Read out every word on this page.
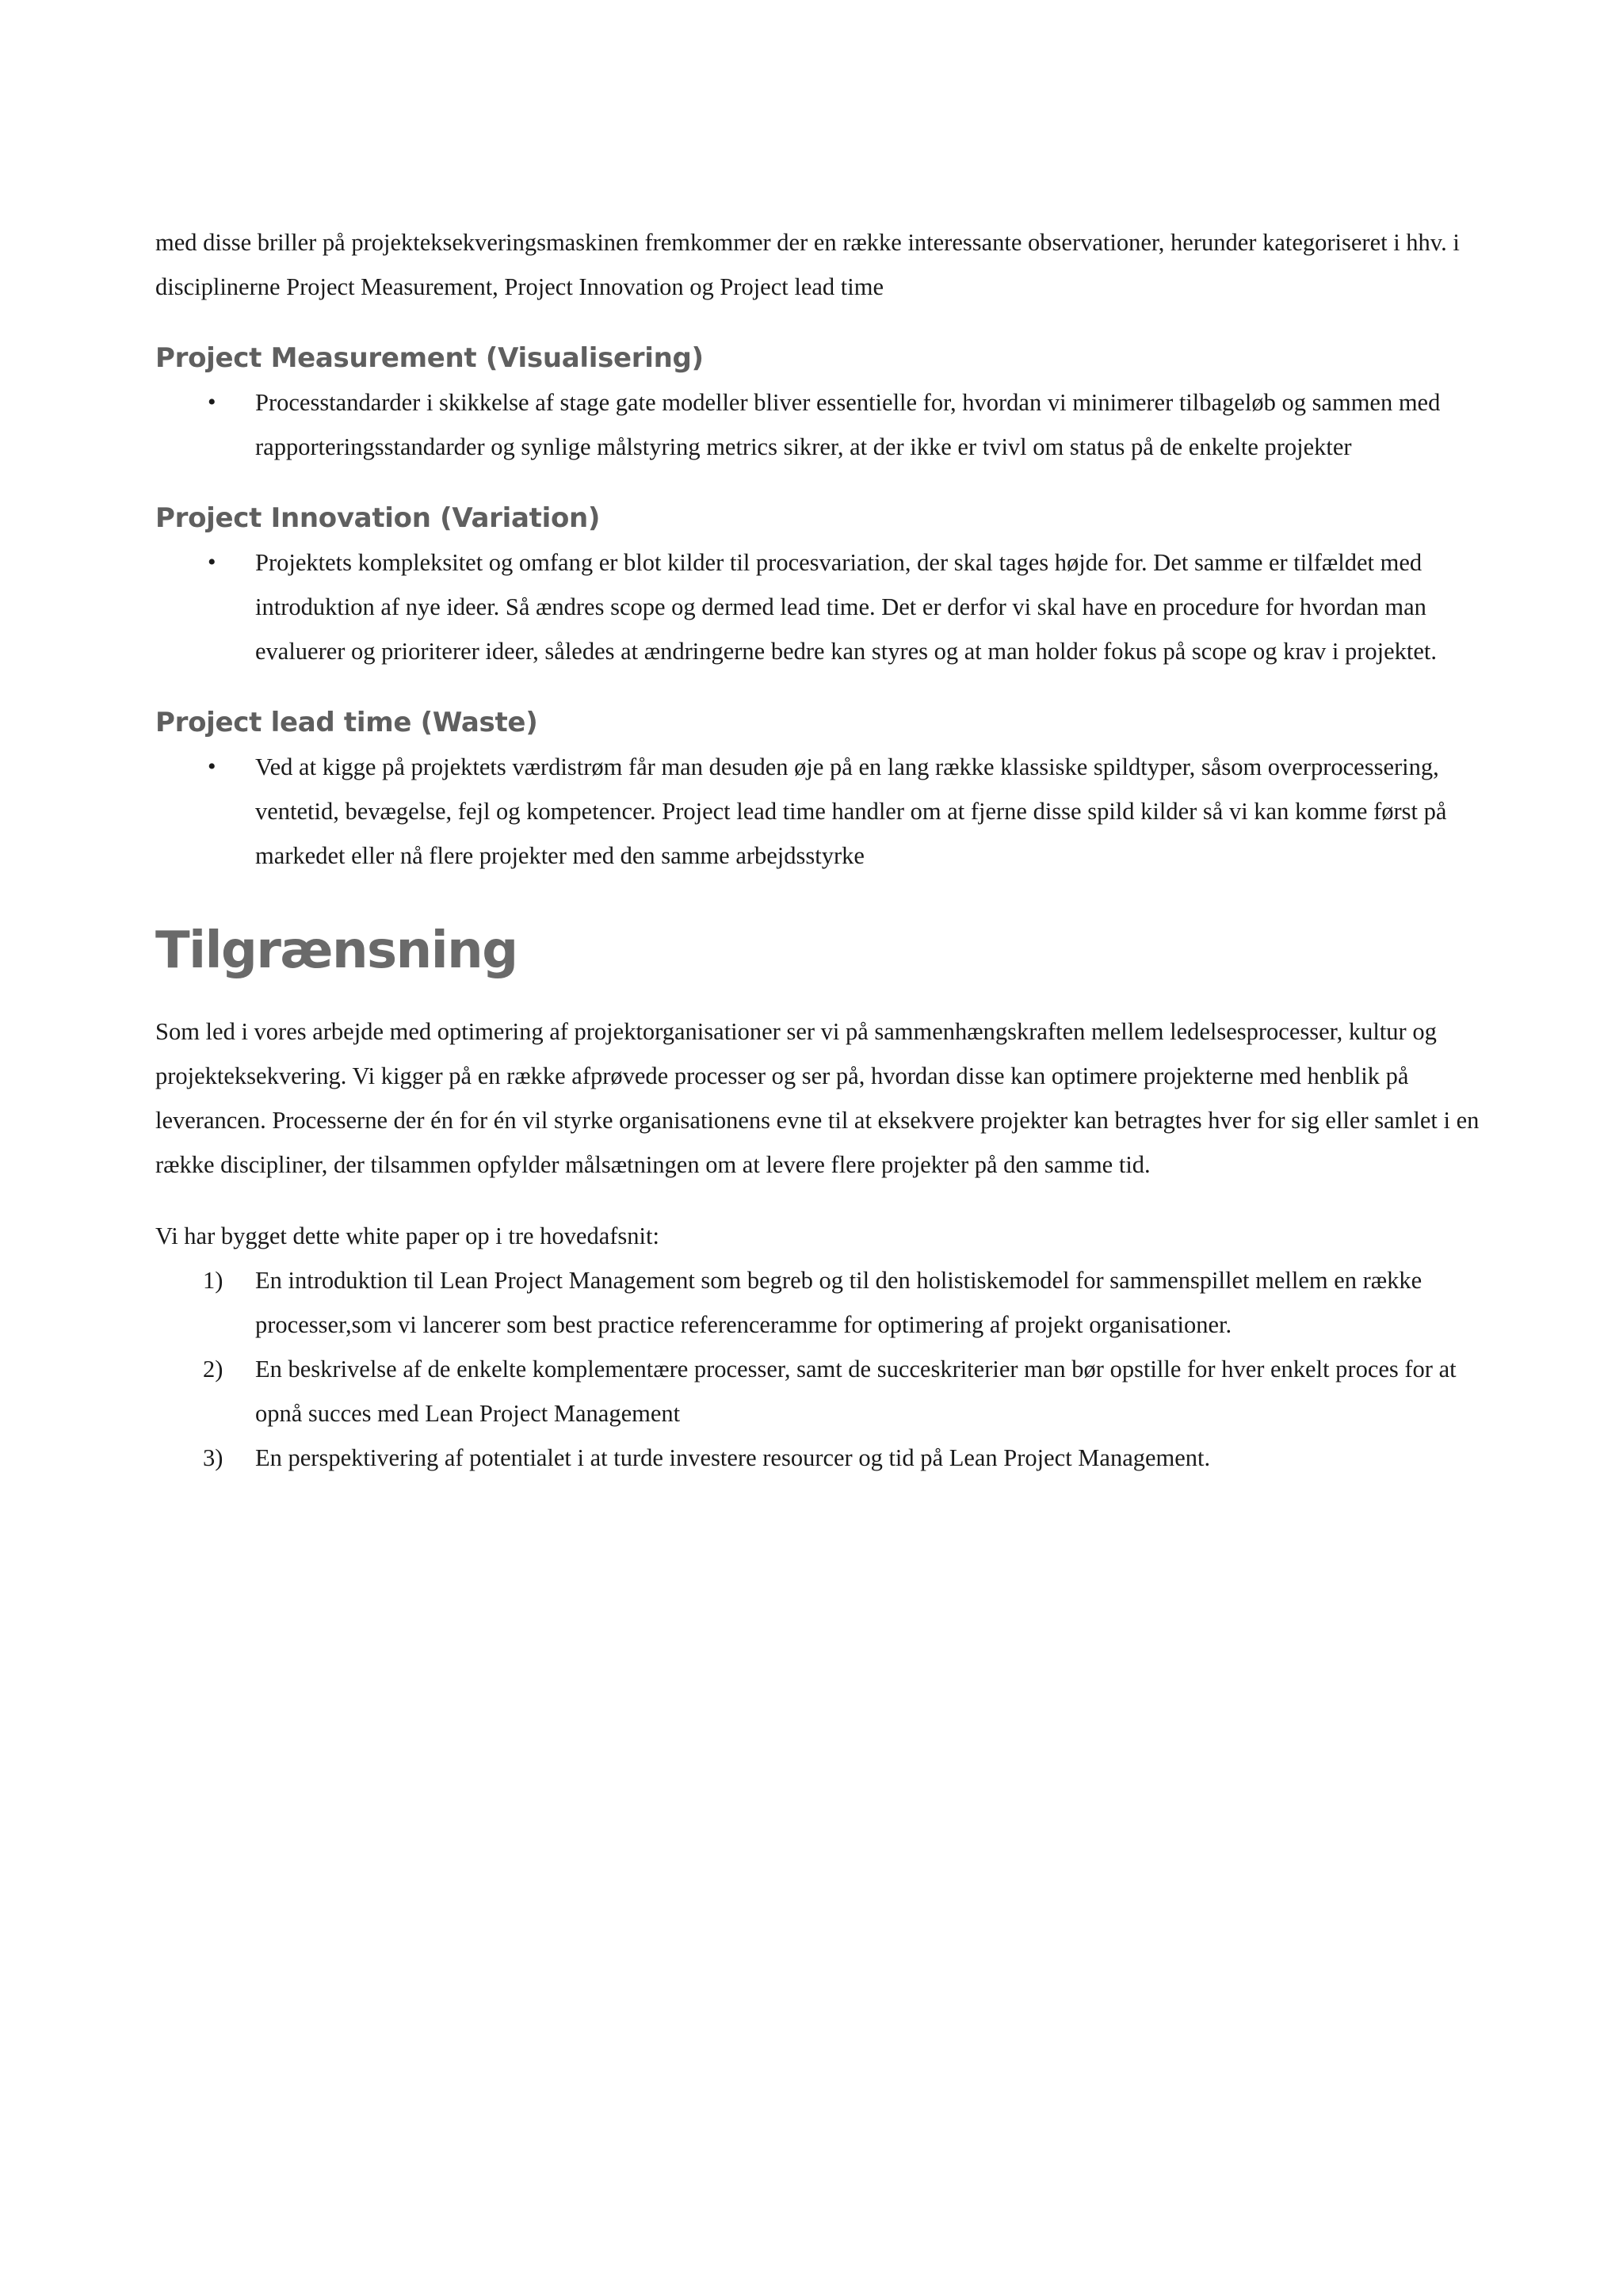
med disse briller på projekteksekveringsmaskinen fremkommer der en række interessante observationer, herunder kategoriseret i hhv. i disciplinerne Project Measurement, Project Innovation og Project lead time

Project Measurement (Visualisering)
• Processtandarder i skikkelse af stage gate modeller bliver essentielle for, hvordan vi minimerer tilbageløb og sammen med rapporteringsstandarder og synlige målstyring metrics sikrer, at der ikke er tvivl om status på de enkelte projekter
Project Innovation (Variation)
• Projektets kompleksitet og omfang er blot kilder til procesvariation, der skal tages højde for. Det samme er tilfældet med introduktion af nye ideer. Så ændres scope og dermed lead time. Det er derfor vi skal have en procedure for hvordan man evaluerer og prioriterer ideer, således at ændringerne bedre kan styres og at man holder fokus på scope og krav i projektet.
Project lead time (Waste)
• Ved at kigge på projektets værdistrøm får man desuden øje på en lang række klassiske spildtyper, såsom overprocessering, ventetid, bevægelse, fejl og kompetencer. Project lead time handler om at fjerne disse spild kilder så vi kan komme først på markedet eller nå flere projekter med den samme arbejdsstyrke
Tilgrænsning

Som led i vores arbejde med optimering af projektorganisationer ser vi på sammenhængskraften mellem ledelsesprocesser, kultur og projekteksekvering. Vi kigger på en række afprøvede processer og ser på, hvordan disse kan optimere projekterne med henblik på leverancen. Processerne der én for én vil styrke organisationens evne til at eksekvere projekter kan betragtes hver for sig eller samlet i en række discipliner, der tilsammen opfylder målsætningen om at levere flere projekter på den samme tid.

Vi har bygget dette white paper op i tre hovedafsnit:

1) En introduktion til Lean Project Management som begreb og til den holistiskemodel for sammenspillet mellem en række processer,som vi lancerer som best practice referenceramme for optimering af projekt organisationer.
2) En beskrivelse af de enkelte komplementære processer, samt de succeskriterier man bør opstille for hver enkelt proces for at opnå succes med Lean Project Management
3) En perspektivering af potentialet i at turde investere resourcer og tid på Lean Project Management.
